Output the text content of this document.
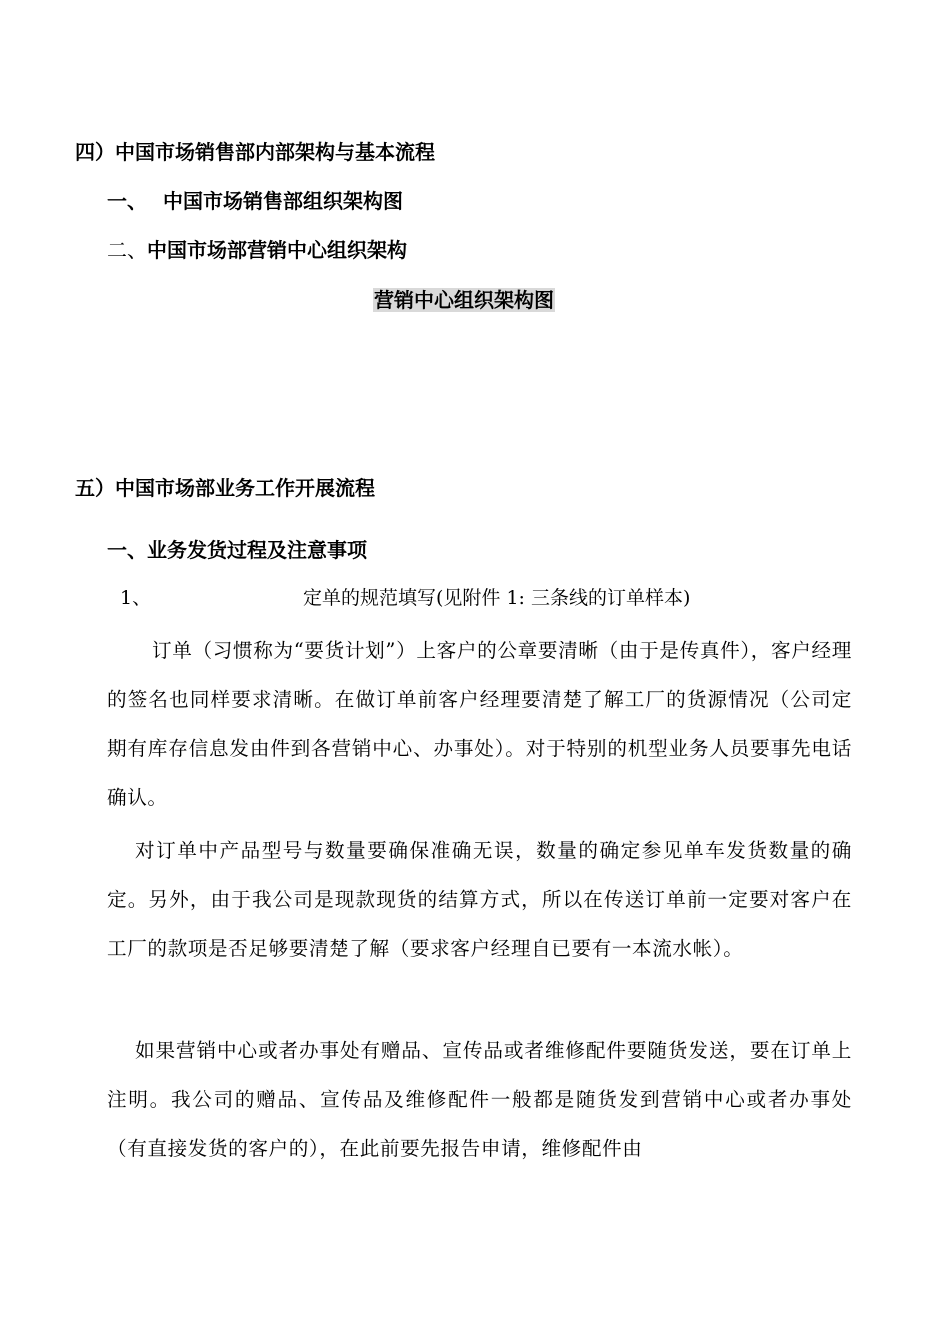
四）中国市场销售部内部架构与基本流程
一、 中国市场销售部组织架构图
二、中国市场部营销中心组织架构
营销中心组织架构图
五）中国市场部业务工作开展流程
一、业务发货过程及注意事项
1、	定单的规范填写(见附件 1: 三条线的订单样本)

订单（习惯称为“要货计划”）上客户的公章要清晰（由于是传真件），客户经理的签名也同样要求清晰。在做订单前客户经理要清楚了解工厂的货源情况（公司定期有库存信息发由件到各营销中心、办事处）。对于特别的机型业务人员要事先电话确认。

对订单中产品型号与数量要确保准确无误，数量的确定参见单车发货数量的确定。另外，由于我公司是现款现货的结算方式，所以在传送订单前一定要对客户在工厂的款项是否足够要清楚了解（要求客户经理自已要有一本流水帐）。

如果营销中心或者办事处有赠品、宣传品或者维修配件要随货发送，要在订单上注明。我公司的赠品、宣传品及维修配件一般都是随货发到营销中心或者办事处（有直接发货的客户的），在此前要先报告申请，维修配件由
